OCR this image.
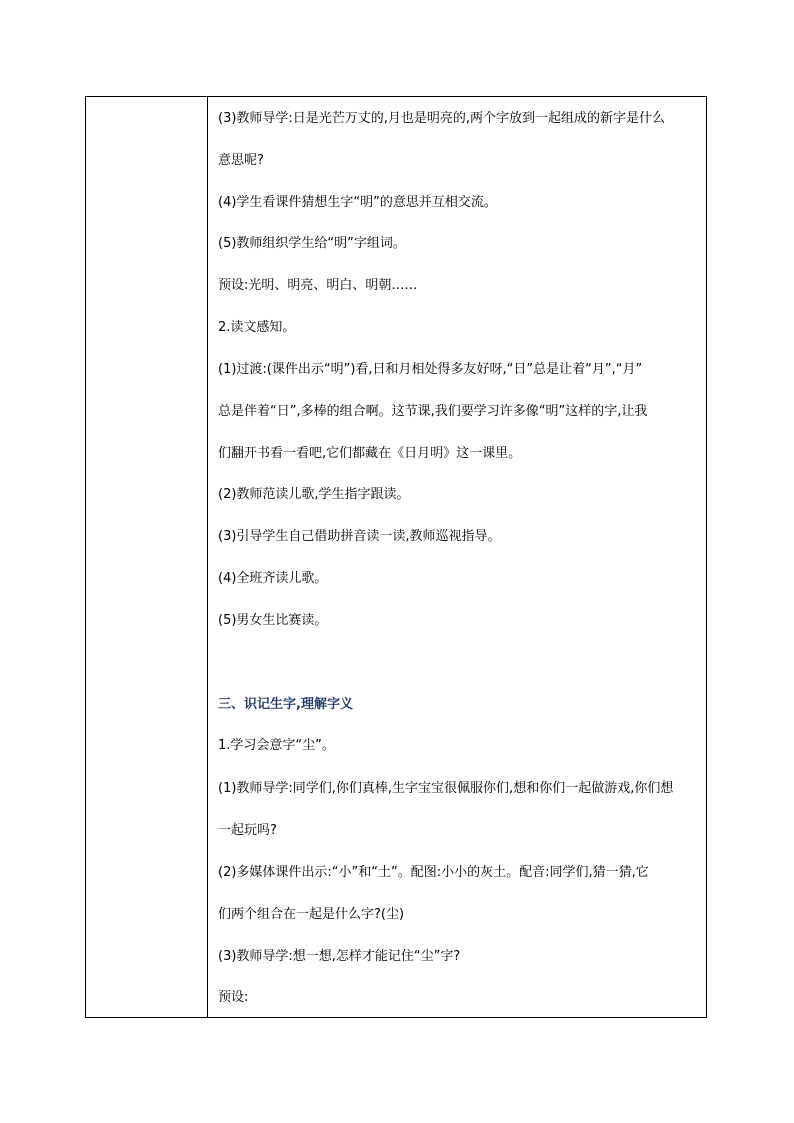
(3)教师导学:日是光芒万丈的,月也是明亮的,两个字放到一起组成的新字是什么
意思呢?
(4)学生看课件猜想生字“明”的意思并互相交流。
(5)教师组织学生给“明”字组词。
预设:光明、明亮、明白、明朝……
2.读文感知。
(1)过渡:(课件出示“明”)看,日和月相处得多友好呀,“日”总是让着“月”,“月”
总是伴着“日”,多棒的组合啊。这节课,我们要学习许多像“明”这样的字,让我
们翻开书看一看吧,它们都藏在《日月明》这一课里。
(2)教师范读儿歌,学生指字跟读。
(3)引导学生自己借助拼音读一读,教师巡视指导。
(4)全班齐读儿歌。
(5)男女生比赛读。
三、识记生字,理解字义
1.学习会意字“尘”。
(1)教师导学:同学们,你们真棒,生字宝宝很佩服你们,想和你们一起做游戏,你们想
一起玩吗?
(2)多媒体课件出示:“小”和“土”。配图:小小的灰土。配音:同学们,猜一猜,它
们两个组合在一起是什么字?(尘)
(3)教师导学:想一想,怎样才能记住“尘”字?
预设:
